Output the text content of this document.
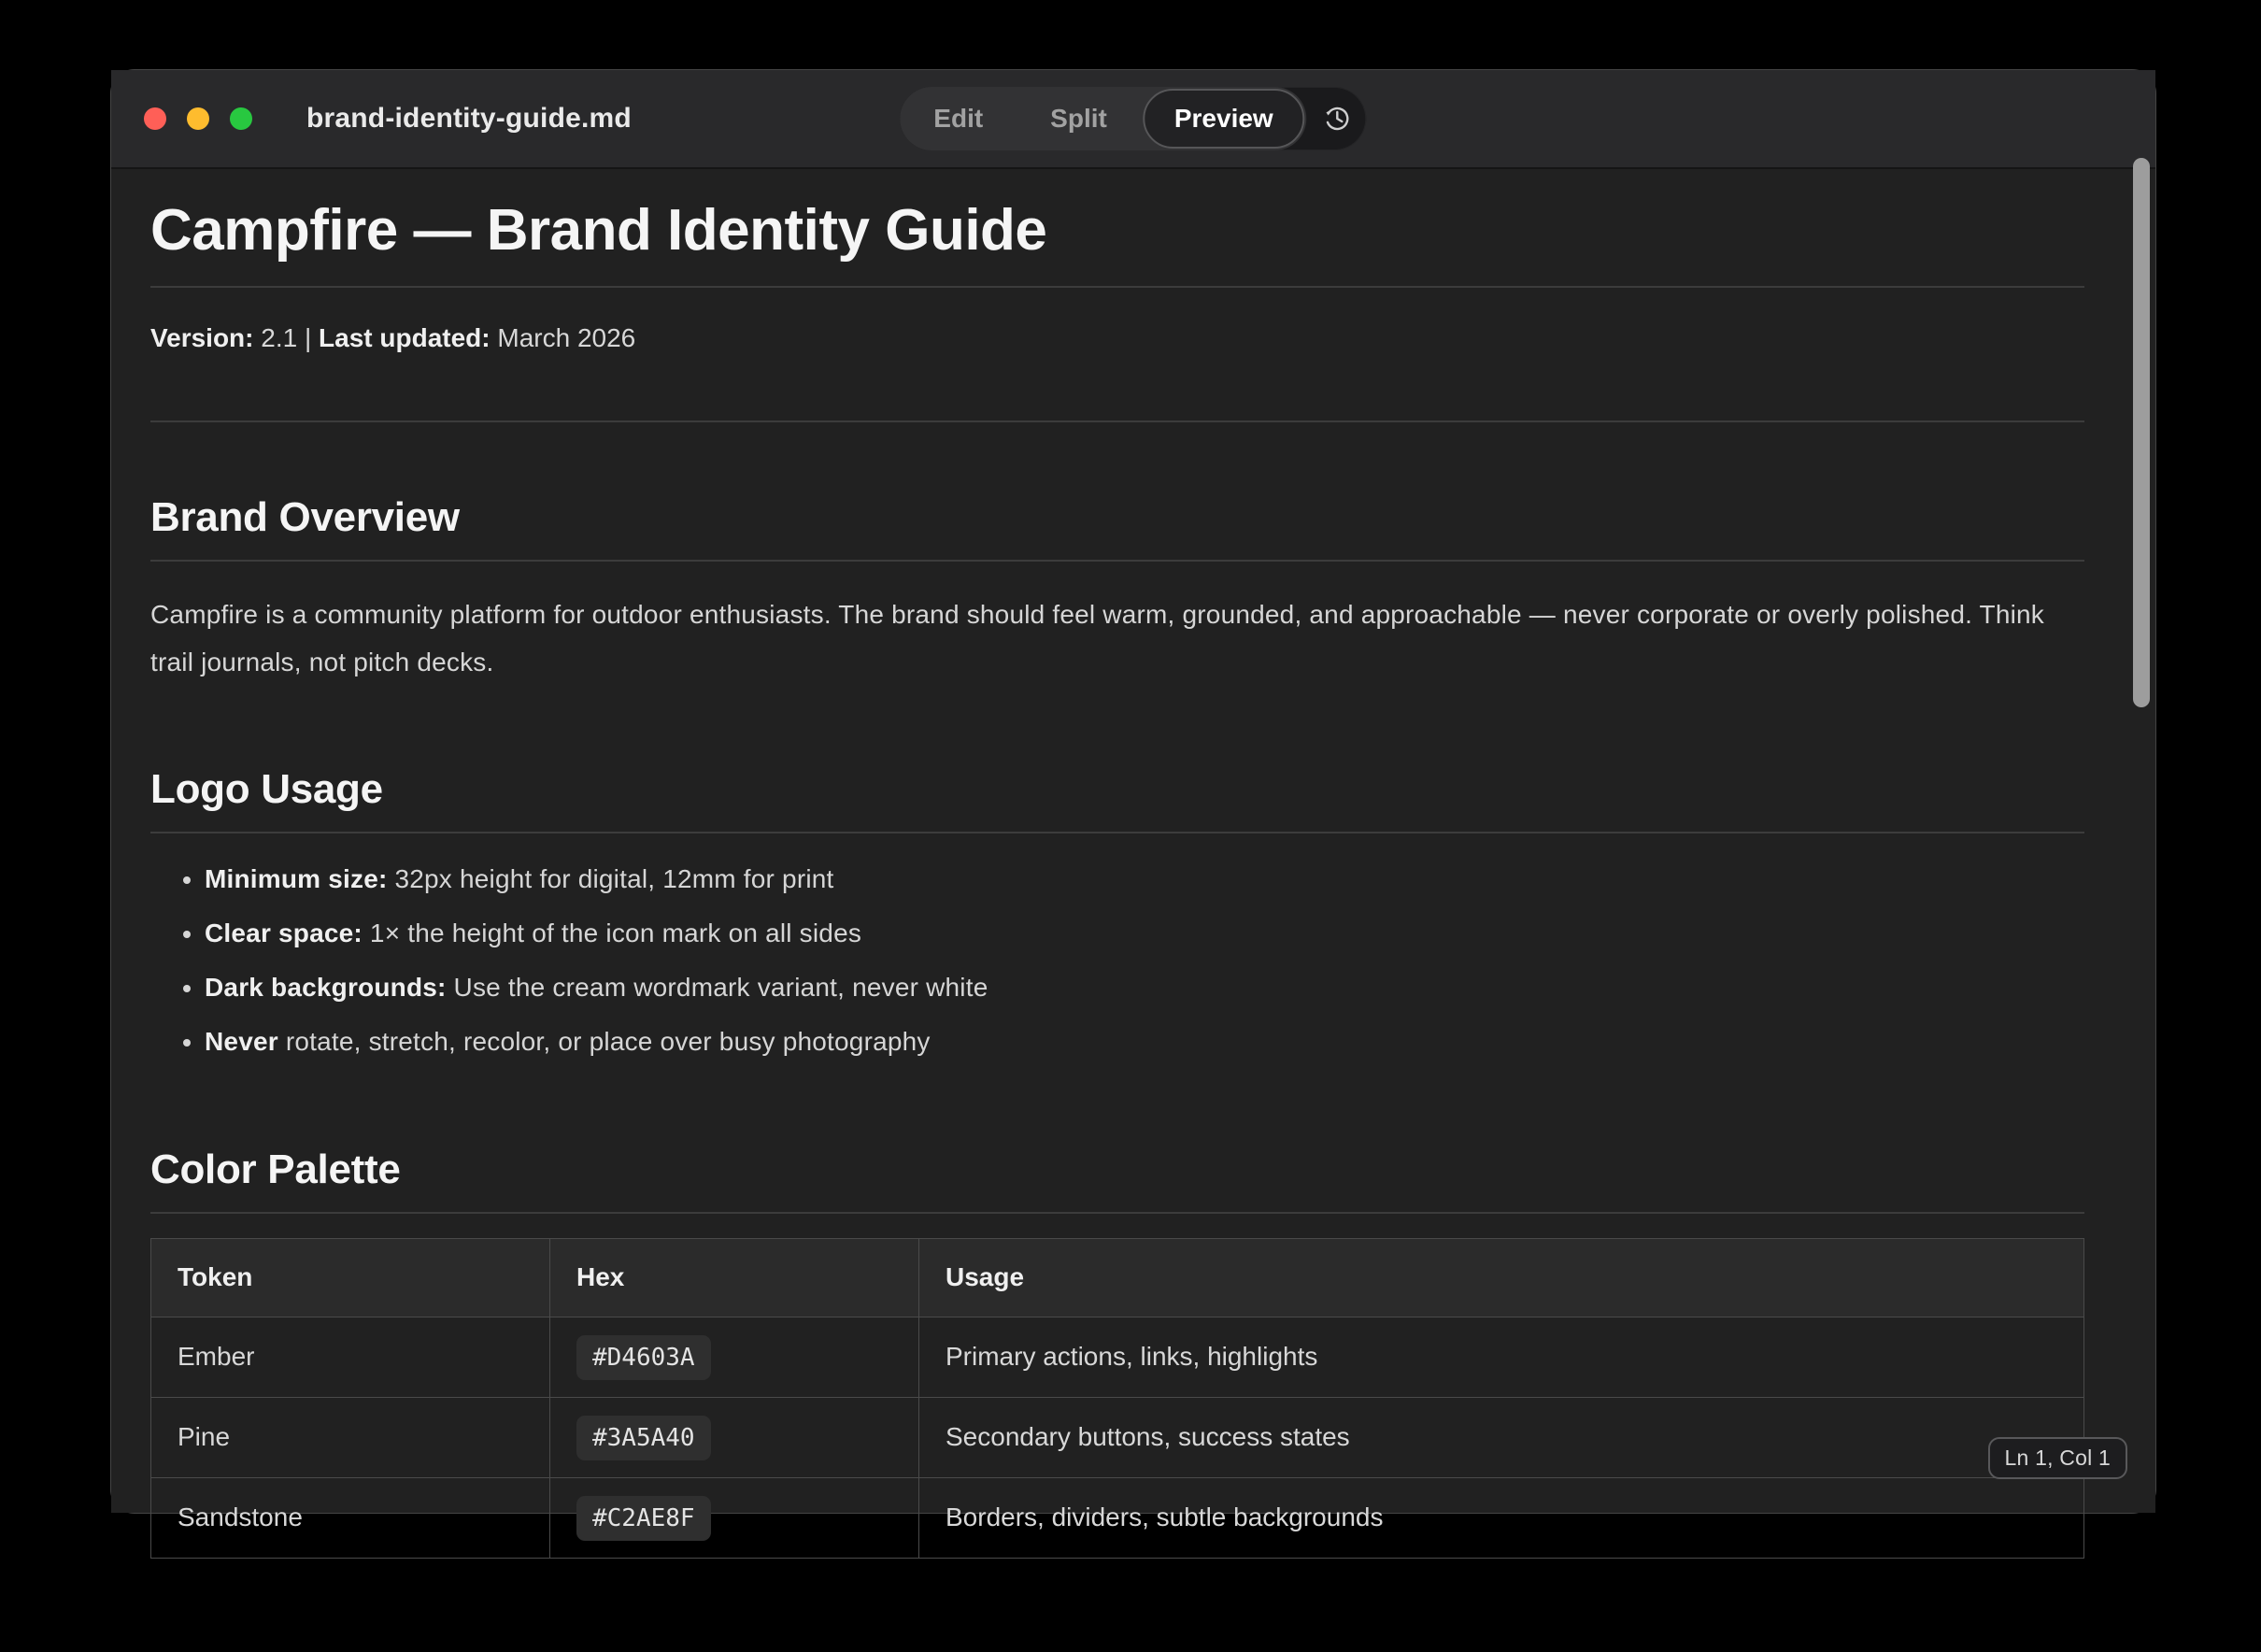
brand-identity-guide.md	Edit	Split	Preview
Campfire — Brand Identity Guide

Version: 2.1 | Last updated: March 2026

Brand Overview

Campfire is a community platform for outdoor enthusiasts. The brand should feel warm, grounded, and approachable — never corporate or overly polished. Think trail journals, not pitch decks.

Logo Usage
• Minimum size: 32px height for digital, 12mm for print
• Clear space: 1× the height of the icon mark on all sides
• Dark backgrounds: Use the cream wordmark variant, never white
• Never rotate, stretch, recolor, or place over busy photography
Color Palette
Token	Hex	Usage
Ember	#D4603A	Primary actions, links, highlights
Pine	#3A5A40	Secondary buttons, success states
Sandstone	#C2AE8F	Borders, dividers, subtle backgrounds
Ln 1, Col 1
